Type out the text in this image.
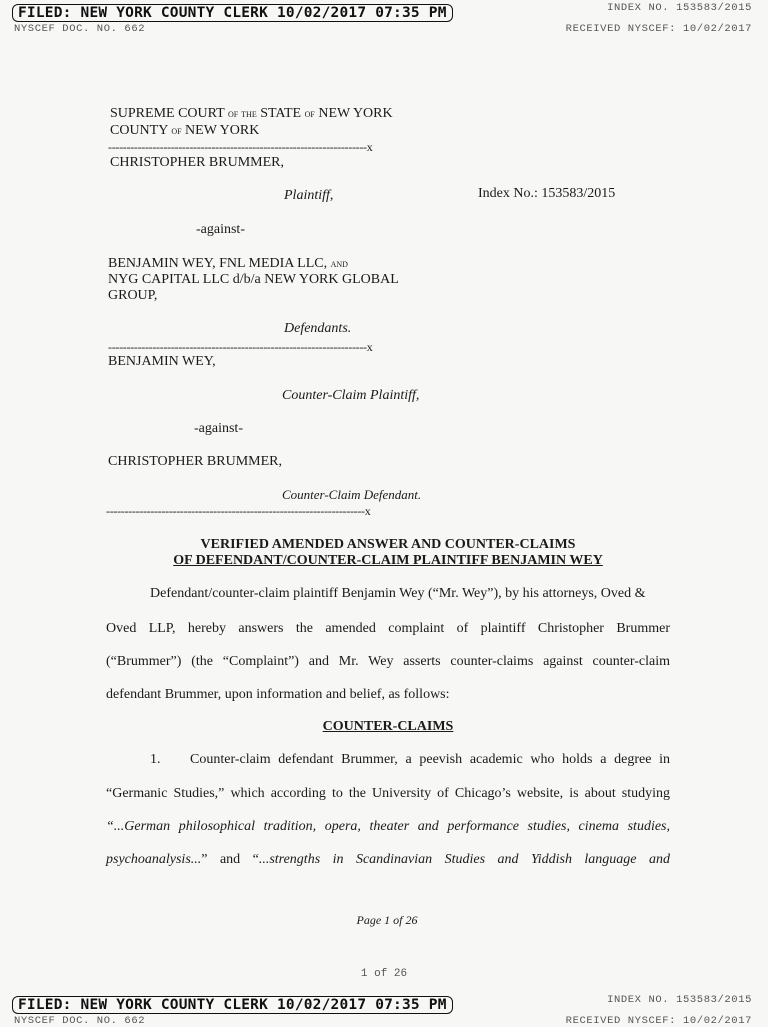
FILED: NEW YORK COUNTY CLERK 10/02/2017 07:35 PM	INDEX NO. 153583/2015
NYSCEF DOC. NO. 662	RECEIVED NYSCEF: 10/02/2017
SUPREME COURT of the STATE of NEW YORK
COUNTY of NEW YORK
----------------------------------------------------------------------x
CHRISTOPHER BRUMMER,
Plaintiff,	Index No.: 153583/2015
-against-
BENJAMIN WEY, FNL MEDIA LLC, and
NYG CAPITAL LLC d/b/a NEW YORK GLOBAL
GROUP,
Defendants.
----------------------------------------------------------------------x
BENJAMIN WEY,
Counter-Claim Plaintiff,
-against-
CHRISTOPHER BRUMMER,
Counter-Claim Defendant.
----------------------------------------------------------------------x
VERIFIED AMENDED ANSWER AND COUNTER-CLAIMS
OF DEFENDANT/COUNTER-CLAIM PLAINTIFF BENJAMIN WEY
Defendant/counter-claim plaintiff Benjamin Wey (“Mr. Wey”), by his attorneys, Oved &
Oved LLP, hereby answers the amended complaint of plaintiff Christopher Brummer
(“Brummer”) (the “Complaint”) and Mr. Wey asserts counter-claims against counter-claim
defendant Brummer, upon information and belief, as follows:
COUNTER-CLAIMS
1. Counter-claim defendant Brummer, a peevish academic who holds a degree in
“Germanic Studies,” which according to the University of Chicago’s website, is about studying
“...German philosophical tradition, opera, theater and performance studies, cinema studies,
psychoanalysis...” and “...strengths in Scandinavian Studies and Yiddish language and
Page 1 of 26
1 of 26
FILED: NEW YORK COUNTY CLERK 10/02/2017 07:35 PM	INDEX NO. 153583/2015
NYSCEF DOC. NO. 662	RECEIVED NYSCEF: 10/02/2017
